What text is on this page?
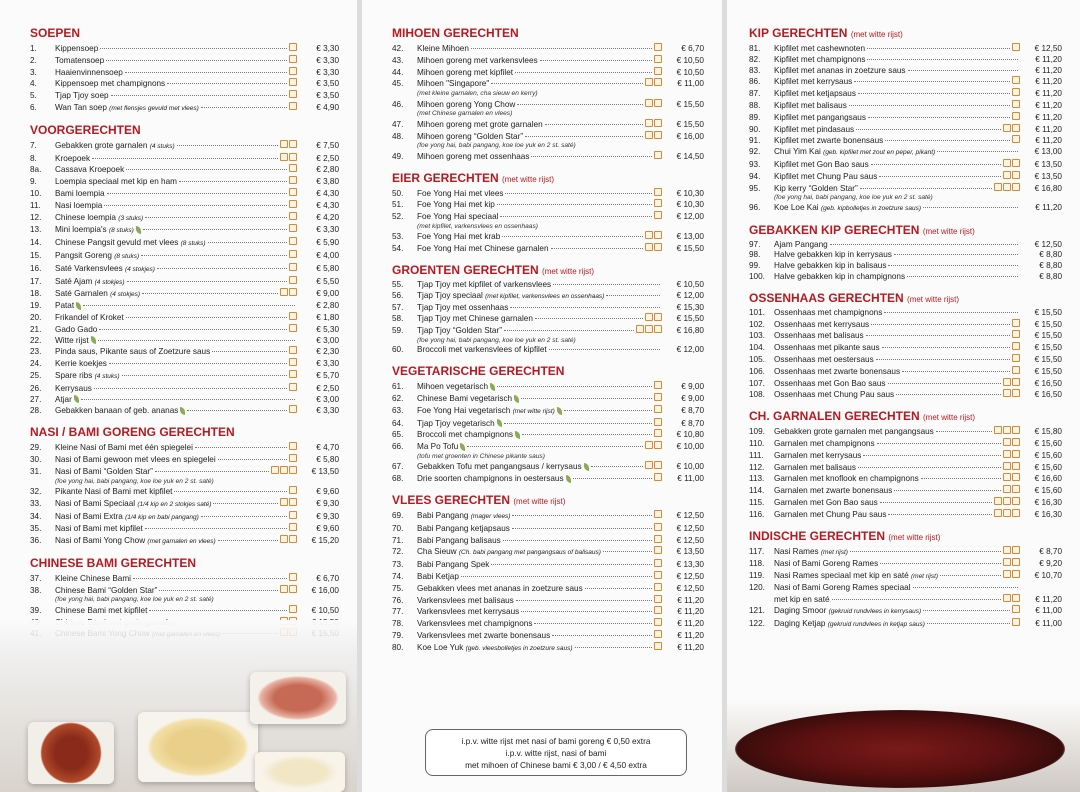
SOEPEN
1.	Kippensoep	€ 3,30
2.	Tomatensoep	€ 3,30
3.	Haaienvinnensoep	€ 3,30
4.	Kippensoep met champignons	€ 3,50
5.	Tjap Tjoy soep	€ 3,50
6.	Wan Tan soep (met flensjes gevuld met vlees)	€ 4,90
VOORGERECHTEN
7.	Gebakken grote garnalen (4 stuks)	€ 7,50
8.	Kroepoek	€ 2,50
8a.	Cassava Kroepoek	€ 2,80
9.	Loempia speciaal met kip en ham	€ 3,80
10.	Bami loempia	€ 4,30
11.	Nasi loempia	€ 4,30
12.	Chinese loempia (3 stuks)	€ 4,20
13.	Mini loempia's (8 stuks)	€ 3,30
14.	Chinese Pangsit gevuld met vlees (8 stuks)	€ 5,90
15.	Pangsit Goreng (8 stuks)	€ 4,00
16.	Saté Varkensvlees (4 stokjes)	€ 5,80
17.	Saté Ajam (4 stokjes)	€ 5,50
18.	Saté Garnalen (4 stokjes)	€ 9,00
19.	Patat	€ 2,80
20.	Frikandel of Kroket	€ 1,80
21.	Gado Gado	€ 5,30
22.	Witte rijst	€ 3,00
23.	Pinda saus, Pikante saus of Zoetzure saus	€ 2,30
24.	Kerrie koekjes	€ 3,30
25.	Spare ribs (4 stuks)	€ 5,70
26.	Kerrysaus	€ 2,50
27.	Atjar	€ 3,00
28.	Gebakken banaan of geb. ananas	€ 3,30
NASI / BAMI GORENG GERECHTEN
29.	Kleine Nasi of Bami met één spiegelei	€ 4,70
30.	Nasi of Bami gewoon met vlees en spiegelei	€ 5,80
31.	Nasi of Bami “Golden Star”	€ 13,50
(foe yong hai, babi pangang, koe loe yuk en 2 st. saté)
32.	Pikante Nasi of Bami met kipfilet	€ 9,60
33.	Nasi of Bami Speciaal (1/4 kip en 2 stokjes saté)	€ 9,30
34.	Nasi of Bami Extra (1/4 kip en babi pangang)	€ 9,30
35.	Nasi of Bami met kipfilet	€ 9,60
36.	Nasi of Bami Yong Chow (met garnalen en vlees)	€ 15,20
CHINESE BAMI GERECHTEN
37.	Kleine Chinese Bami	€ 6,70
38.	Chinese Bami “Golden Star”	€ 16,00
(foe yong hai, babi pangang, koe loe yuk en 2 st. saté)
39.	Chinese Bami met kipfilet	€ 10,50
MIHOEN GERECHTEN
42.	Kleine Mihoen	€ 6,70
43.	Mihoen goreng met varkensvlees	€ 10,50
44.	Mihoen goreng met kipfilet	€ 10,50
45.	Mihoen "Singapore"	€ 11,00
(met kleine garnalen, cha sieuw en kerry)
46.	Mihoen goreng Yong Chow	€ 15,50
(met Chinese garnalen en vlees)
47.	Mihoen goreng met grote garnalen	€ 15,50
48.	Mihoen goreng “Golden Star”	€ 16,00
(foe yong hai, babi pangang, koe loe yuk en 2 st. saté)
49.	Mihoen goreng met ossenhaas	€ 14,50
EIER GERECHTEN (met witte rijst)
50.	Foe Yong Hai met vlees	€ 10,30
51.	Foe Yong Hai met kip	€ 10,30
52.	Foe Yong Hai speciaal	€ 12,00
(met kipfilet, varkensvlees en ossenhaas)
53.	Foe Yong Hai met krab	€ 13,00
54.	Foe Yong Hai met Chinese garnalen	€ 15,50
GROENTEN GERECHTEN (met witte rijst)
55.	Tjap Tjoy met kipfilet of varkensvlees	€ 10,50
56.	Tjap Tjoy speciaal (met kipfilet, varkensvlees en ossenhaas)	€ 12,00
57.	Tjap Tjoy met ossenhaas	€ 15,30
58.	Tjap Tjoy met Chinese garnalen	€ 15,50
59.	Tjap Tjoy “Golden Star”	€ 16,80
(foe yong hai, babi pangang, koe loe yuk en 2 st. saté)
60.	Broccoli met varkensvlees of kipfilet	€ 12,00
VEGETARISCHE GERECHTEN
61.	Mihoen vegetarisch	€ 9,00
62.	Chinese Bami vegetarisch	€ 9,00
63.	Foe Yong Hai vegetarisch (met witte rijst)	€ 8,70
64.	Tjap Tjoy vegetarisch	€ 8,70
65.	Broccoli met champignons	€ 10,80
66.	Ma Po Tofu	€ 10,00
(tofu met groenten in Chinese pikante saus)
67.	Gebakken Tofu met pangangsaus / kerrysaus	€ 10,00
68.	Drie soorten champignons in oestersaus	€ 11,00
VLEES GERECHTEN (met witte rijst)
69.	Babi Pangang (mager vlees)	€ 12,50
70.	Babi Pangang ketjapsaus	€ 12,50
71.	Babi Pangang balisaus	€ 12,50
72.	Cha Sieuw (Ch. babi pangang met pangangsaus of balisaus)	€ 13,50
73.	Babi Pangang Spek	€ 13,30
74.	Babi Ketjap	€ 12,50
75.	Gebakken vlees met ananas in zoetzure saus	€ 12,50
76.	Varkensvlees met balisaus	€ 11,20
77.	Varkensvlees met kerrysaus	€ 11,20
78.	Varkensvlees met champignons	€ 11,20
79.	Varkensvlees met zwarte bonensaus	€ 11,20
80.	Koe Loe Yuk (geb. vleesbolletjes in zoetzure saus)	€ 11,20
KIP GERECHTEN (met witte rijst)
81.	Kipfilet met cashewnoten	€ 12,50
82.	Kipfilet met champignons	€ 11,20
83.	Kipfilet met ananas in zoetzure saus	€ 11,20
86.	Kipfilet met kerrysaus	€ 11,20
87.	Kipfilet met ketjapsaus	€ 11,20
88.	Kipfilet met balisaus	€ 11,20
89.	Kipfilet met pangangsaus	€ 11,20
90.	Kipfilet met pindasaus	€ 11,20
91.	Kipfilet met zwarte bonensaus	€ 11,20
92.	Chui Yim Kai (geb. kipfilet met zout en peper, pikant)	€ 13,00
93.	Kipfilet met Gon Bao saus	€ 13,50
94.	Kipfilet met Chung Pau saus	€ 13,50
95.	Kip kerry “Golden Star”	€ 16,80
(foe yong hai, babi pangang, koe loe yuk en 2 st. saté)
96.	Koe Loe Kai (geb. kipbolletjes in zoetzure saus)	€ 11,20
GEBAKKEN KIP GERECHTEN (met witte rijst)
97.	Ajam Pangang	€ 12,50
98.	Halve gebakken kip in kerrysaus	€ 8,80
99.	Halve gebakken kip in balisaus	€ 8,80
100.	Halve gebakken kip in champignons	€ 8,80
OSSENHAAS GERECHTEN (met witte rijst)
101.	Ossenhaas met champignons	€ 15,50
102.	Ossenhaas met kerrysaus	€ 15,50
103.	Ossenhaas met balisaus	€ 15,50
104.	Ossenhaas met pikante saus	€ 15,50
105.	Ossenhaas met oestersaus	€ 15,50
106.	Ossenhaas met zwarte bonensaus	€ 15,50
107.	Ossenhaas met Gon Bao saus	€ 16,50
108.	Ossenhaas met Chung Pau saus	€ 16,50
CH. GARNALEN GERECHTEN (met witte rijst)
109.	Gebakken grote garnalen met pangangsaus	€ 15,80
110.	Garnalen met champignons	€ 15,60
111.	Garnalen met kerrysaus	€ 15,60
112.	Garnalen met balisaus	€ 15,60
113.	Garnalen met knoflook en champignons	€ 16,60
114.	Garnalen met zwarte bonensaus	€ 15,60
115.	Garnalen met Gon Bao saus	€ 16,30
116.	Garnalen met Chung Pau saus	€ 16,30
INDISCHE GERECHTEN (met witte rijst)
117.	Nasi Rames (met rijst)	€ 8,70
118.	Nasi of Bami Goreng Rames	€ 9,20
119.	Nasi Rames speciaal met kip en saté (met rijst)	€ 10,70
120.	Nasi of Bami Goreng Rames speciaal
met kip en saté	€ 11,20
121.	Daging Smoor (gekruid rundvlees in kerrysaus)	€ 11,00
122.	Daging Ketjap (gekruid rundvlees in ketjap saus)	€ 11,00
i.p.v. witte rijst met nasi of bami goreng € 0,50 extra
i.p.v. witte rijst, nasi of bami
met mihoen of Chinese bami € 3,00 / € 4,50 extra
